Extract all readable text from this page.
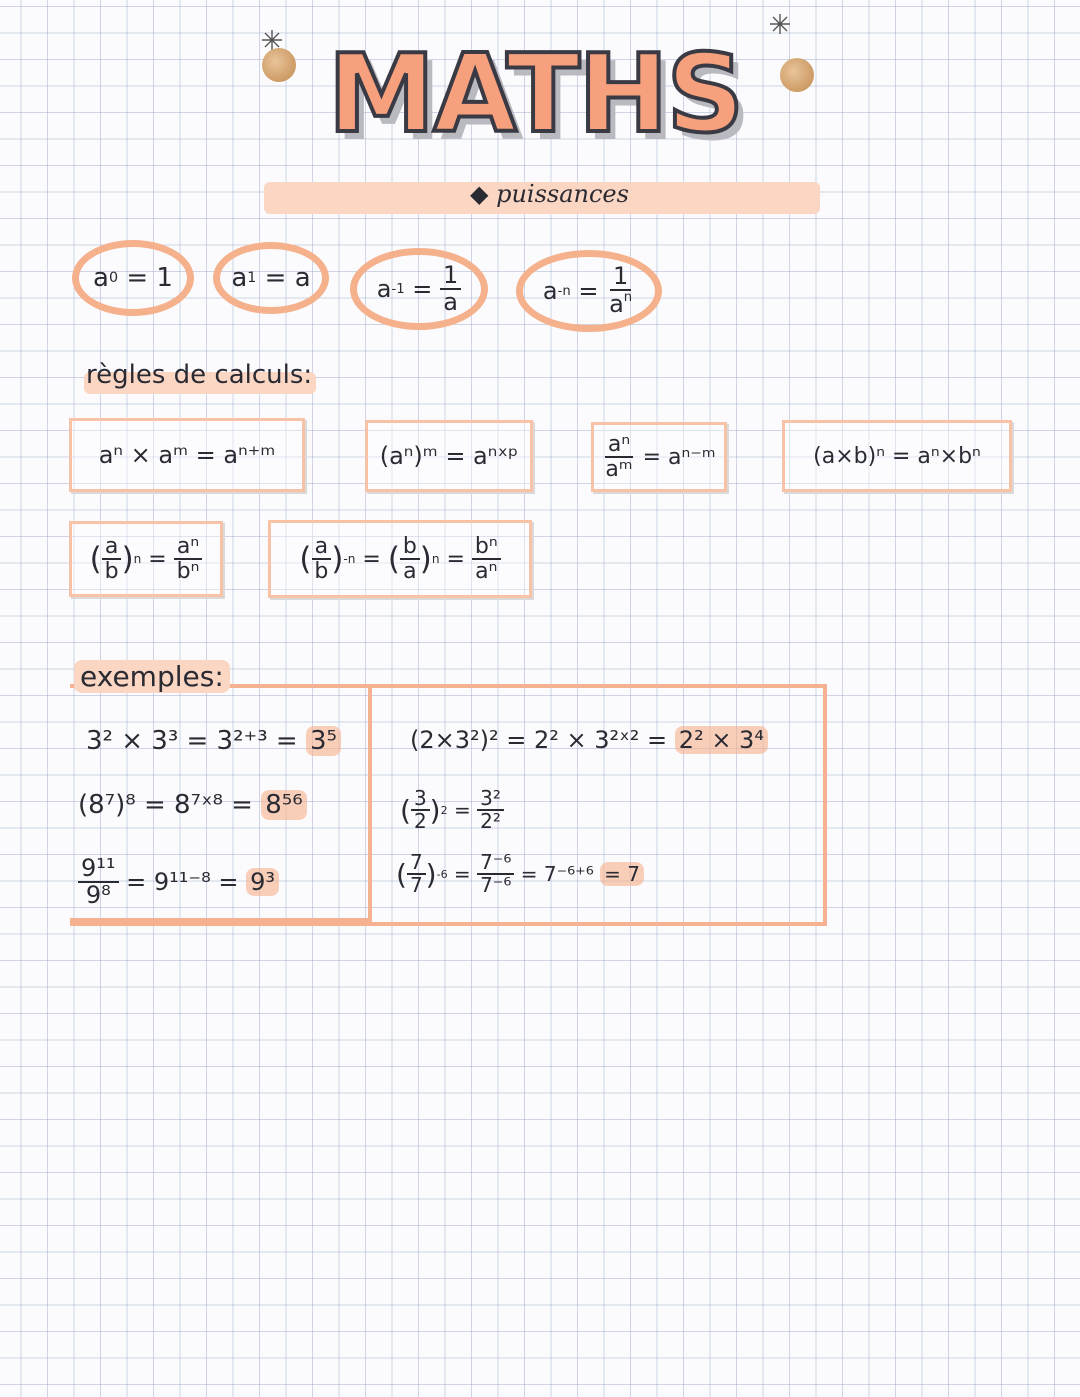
MATHS
◆ puissances
a 0 = 1 a 1 = a	a $-1 = \frac{1}{a}$	a $-n = \frac{1}{a^n}$
règles de calculs:
aⁿ × aᵐ = aⁿ⁺ᵐ	(aⁿ)ᵐ = aⁿˣᵖ	$\frac{\text{aⁿ}}{\text{aᵐ}}$ = aⁿ⁻ᵐ	(a×b)ⁿ = aⁿ×bⁿ
( $\frac{a}{b}$ ) $n = \frac{\text{aⁿ}}{\text{bⁿ}}$	( $\frac{a}{b}$ ) -n = ( $\frac{b}{a}$ ) $n = \frac{\text{bⁿ}}{\text{aⁿ}}$
exemples:
3² × 3³ = 3²⁺³ = 3⁵
(8⁷)⁸ = 8⁷ˣ⁸ = 8⁵⁶
$\frac{\text{9¹¹}}{\text{9⁸}}$
= 9¹¹⁻⁸ =
9³
(2×3²)² = 2² × 3²ˣ² = 2² × 3⁴
( $\frac{3}{2}$ ) $2 = \frac{\text{3²}}{\text{2²}}$
( $\frac{7}{7}$ ) $-6 = \frac{\text{7⁻⁶}}{\text{7⁻⁶}}$
= 7⁻⁶⁺⁶
= 7
